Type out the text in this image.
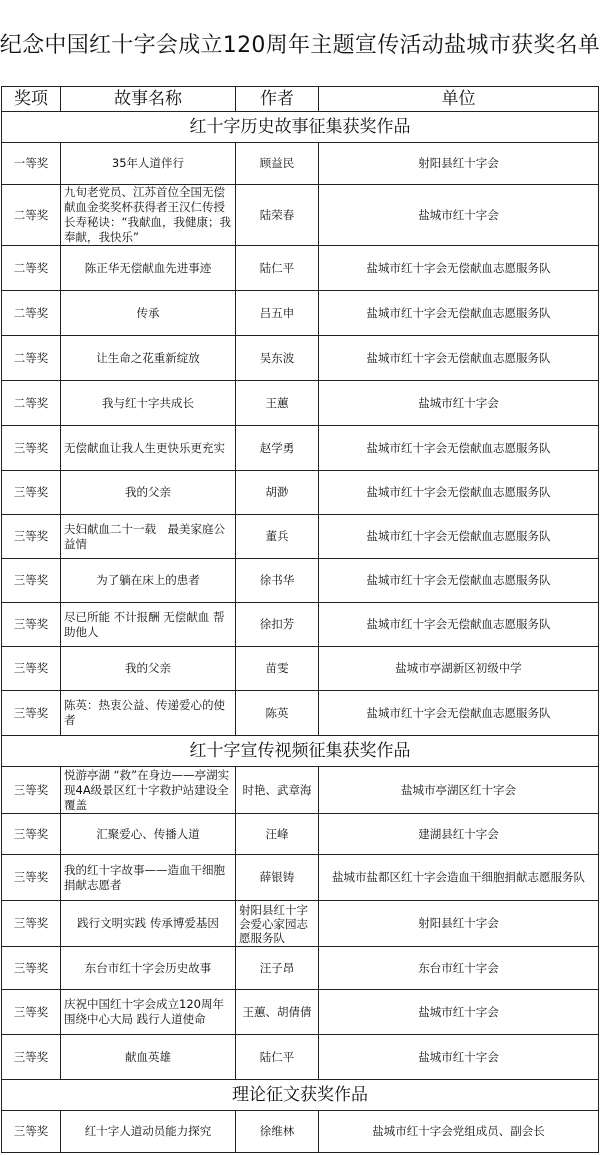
纪念中国红十字会成立120周年主题宣传活动盐城市获奖名单
奖项	故事名称	作者	单位
红十字历史故事征集获奖作品			
一等奖	35年人道伴行	顾益民	射阳县红十字会
二等奖	九旬老党员、江苏首位全国无偿献血金奖奖杯获得者王汉仁传授长寿秘诀：“我献血，我健康；我奉献，我快乐”	陆荣春	盐城市红十字会
二等奖	陈正华无偿献血先进事迹	陆仁平	盐城市红十字会无偿献血志愿服务队
二等奖	传承	吕五申	盐城市红十字会无偿献血志愿服务队
二等奖	让生命之花重新绽放	吴东波	盐城市红十字会无偿献血志愿服务队
二等奖	我与红十字共成长	王蕙	盐城市红十字会
三等奖	无偿献血让我人生更快乐更充实	赵学勇	盐城市红十字会无偿献血志愿服务队
三等奖	我的父亲	胡渺	盐城市红十字会无偿献血志愿服务队
三等奖	夫妇献血二十一载　最美家庭公益情	董兵	盐城市红十字会无偿献血志愿服务队
三等奖	为了躺在床上的患者	徐书华	盐城市红十字会无偿献血志愿服务队
三等奖	尽已所能 不计报酬 无偿献血 帮助他人	徐扣芳	盐城市红十字会无偿献血志愿服务队
三等奖	我的父亲	苗雯	盐城市亭湖新区初级中学
三等奖	陈英：热衷公益、传递爱心的使者	陈英	盐城市红十字会无偿献血志愿服务队
红十字宣传视频征集获奖作品			
三等奖	悦游亭湖 “救”在身边——亭湖实现4A级景区红十字救护站建设全覆盖	时艳、武章海	盐城市亭湖区红十字会
三等奖	汇聚爱心、传播人道	汪峰	建湖县红十字会
三等奖	我的红十字故事——造血干细胞捐献志愿者	薛银铸	盐城市盐都区红十字会造血干细胞捐献志愿服务队
三等奖	践行文明实践 传承博爱基因	射阳县红十字会爱心家园志愿服务队	射阳县红十字会
三等奖	东台市红十字会历史故事	汪子昂	东台市红十字会
三等奖	庆祝中国红十字会成立120周年围绕中心大局 践行人道使命	王蕙、胡倩倩	盐城市红十字会
三等奖	献血英雄	陆仁平	盐城市红十字会
理论征文获奖作品			
三等奖	红十字人道动员能力探究	徐维林	盐城市红十字会党组成员、副会长
